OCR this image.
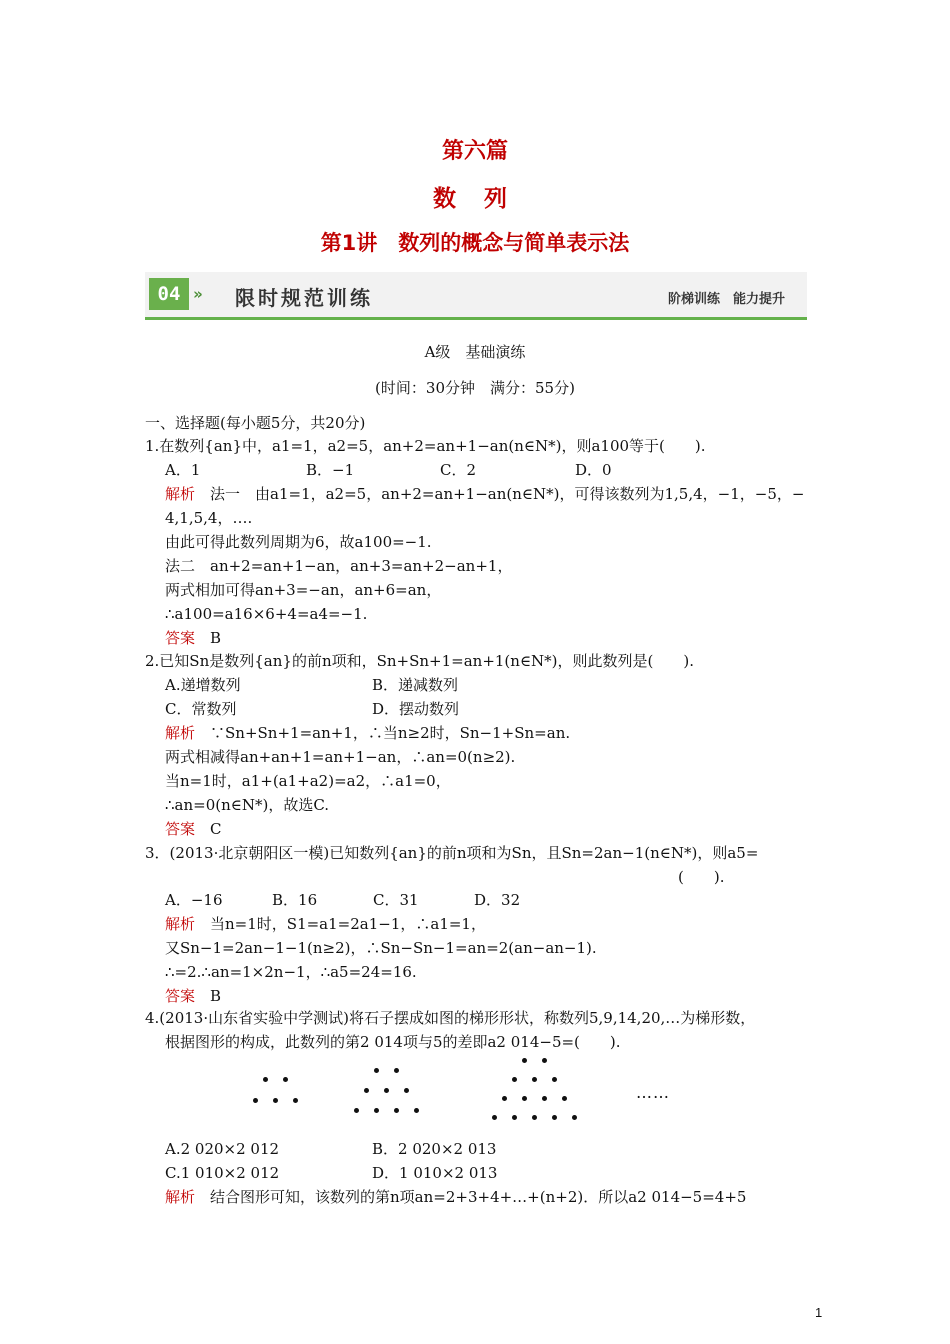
第六篇
数 列
第1讲　数列的概念与简单表示法
04 » 限时规范训练	阶梯训练　能力提升
A级　基础演练
(时间：30分钟　满分：55分)
一、选择题(每小题5分，共20分)
1.在数列{an}中，a1=1，a2=5，an+2=an+1−an(n∈N*)，则a100等于(　　).
A．1	B．−1	C．2	D．0
解析　法一　由a1=1，a2=5，an+2=an+1−an(n∈N*)，可得该数列为1,5,4，−1，−5，−
4,1,5,4，….
由此可得此数列周期为6，故a100=−1.
法二　an+2=an+1−an，an+3=an+2−an+1，
两式相加可得an+3=−an，an+6=an，
∴a100=a16×6+4=a4=−1.
答案　B
2.已知Sn是数列{an}的前n项和，Sn+Sn+1=an+1(n∈N*)，则此数列是(　　).
A.递增数列	B．递减数列
C．常数列	D．摆动数列
解析　∵Sn+Sn+1=an+1，∴当n≥2时，Sn−1+Sn=an.
两式相减得an+an+1=an+1−an，∴an=0(n≥2).
当n=1时，a1+(a1+a2)=a2，∴a1=0，
∴an=0(n∈N*)，故选C.
答案　C
3．(2013·北京朝阳区一模)已知数列{an}的前n项和为Sn，且Sn=2an−1(n∈N*)，则a5=
(　　).
A．−16	B．16	C．31	D．32
解析　当n=1时，S1=a1=2a1−1，∴a1=1，
又Sn−1=2an−1−1(n≥2)，∴Sn−Sn−1=an=2(an−an−1).
∴=2.∴an=1×2n−1，∴a5=24=16.
答案　B
4.(2013·山东省实验中学测试)将石子摆成如图的梯形形状，称数列5,9,14,20,…为梯形数，
根据图形的构成，此数列的第2 014项与5的差即a2 014−5=(　　).
……
A.2 020×2 012	B．2 020×2 013
C.1 010×2 012	D．1 010×2 013
解析　结合图形可知，该数列的第n项an=2+3+4+…+(n+2)．所以a2 014−5=4+5
1
